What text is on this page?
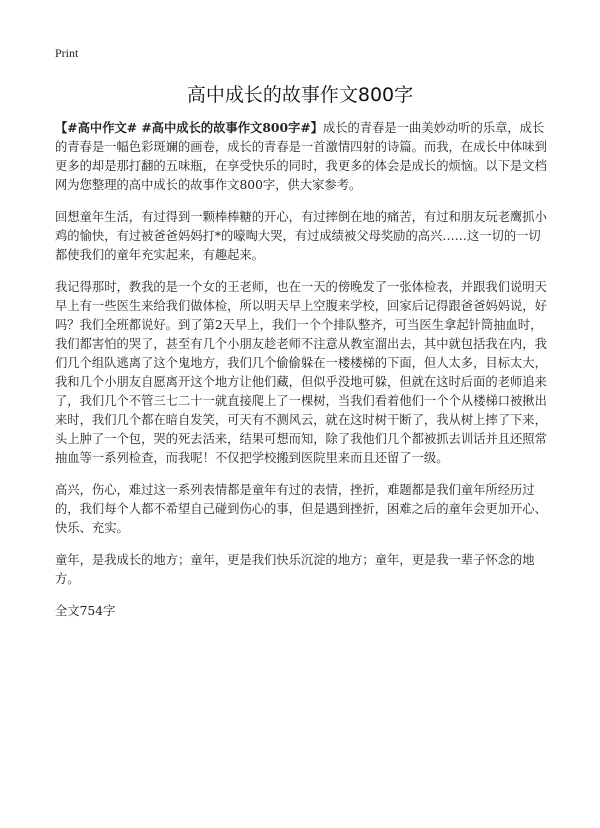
Print
高中成长的故事作文800字

【#高中作文# #高中成长的故事作文800字#】成长的青春是一曲美妙动听的乐章，成长的青春是一幅色彩斑斓的画卷，成长的青春是一首激情四射的诗篇。而我，在成长中体味到更多的却是那打翻的五味瓶，在享受快乐的同时，我更多的体会是成长的烦恼。以下是文档网为您整理的高中成长的故事作文800字，供大家参考。

回想童年生活，有过得到一颗棒棒糖的开心，有过摔倒在地的痛苦，有过和朋友玩老鹰抓小鸡的愉快，有过被爸爸妈妈打*的嚎啕大哭，有过成绩被父母奖励的高兴……这一切的一切都使我们的童年充实起来，有趣起来。

我记得那时，教我的是一个女的王老师，也在一天的傍晚发了一张体检表，并跟我们说明天早上有一些医生来给我们做体检，所以明天早上空腹来学校，回家后记得跟爸爸妈妈说，好吗？我们全班都说好。到了第2天早上，我们一个个排队整齐，可当医生拿起针筒抽血时，我们都害怕的哭了，甚至有几个小朋友趁老师不注意从教室溜出去，其中就包括我在内，我们几个组队逃离了这个鬼地方，我们几个偷偷躲在一楼楼梯的下面，但人太多，目标太大，我和几个小朋友自愿离开这个地方让他们藏，但似乎没地可躲，但就在这时后面的老师追来了，我们几个不管三七二十一就直接爬上了一棵树，当我们看着他们一个个从楼梯口被揪出来时，我们几个都在暗自发笑，可天有不测风云，就在这时树干断了，我从树上摔了下来，头上肿了一个包，哭的死去活来，结果可想而知，除了我他们几个都被抓去训话并且还照常抽血等一系列检查，而我呢！不仅把学校搬到医院里来而且还留了一级。

高兴，伤心，难过这一系列表情都是童年有过的表情，挫折，难题都是我们童年所经历过的，我们每个人都不希望自己碰到伤心的事，但是遇到挫折，困难之后的童年会更加开心、快乐、充实。

童年，是我成长的地方；童年，更是我们快乐沉淀的地方；童年，更是我一辈子怀念的地方。

全文754字
